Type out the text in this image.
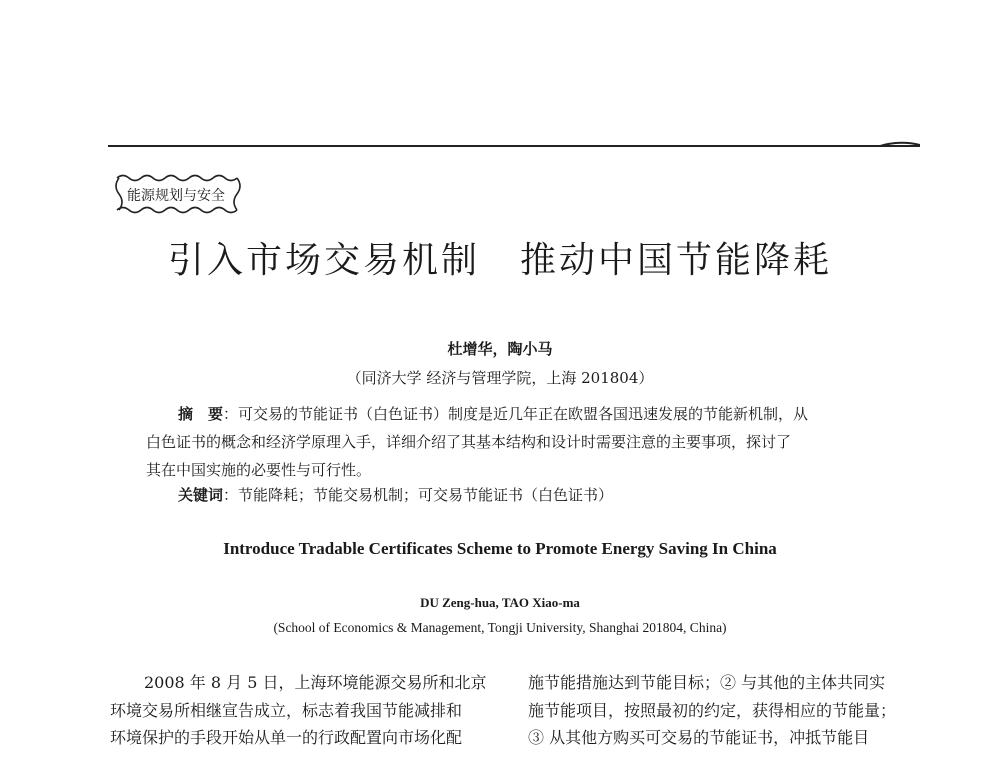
能源规划与安全
引入市场交易机制 推动中国节能降耗
杜增华，陶小马
（同济大学 经济与管理学院，上海 201804）
摘　要：可交易的节能证书（白色证书）制度是近几年正在欧盟各国迅速发展的节能新机制，从
白色证书的概念和经济学原理入手，详细介绍了其基本结构和设计时需要注意的主要事项，探讨了
其在中国实施的必要性与可行性。
关键词：节能降耗；节能交易机制；可交易节能证书（白色证书）
Introduce Tradable Certificates Scheme to Promote Energy Saving In China
DU Zeng-hua, TAO Xiao-ma
(School of Economics & Management, Tongji University, Shanghai 201804, China)
2008 年 8 月 5 日，上海环境能源交易所和北京
环境交易所相继宣告成立，标志着我国节能减排和
环境保护的手段开始从单一的行政配置向市场化配
施节能措施达到节能目标；② 与其他的主体共同实
施节能项目，按照最初的约定，获得相应的节能量；
③ 从其他方购买可交易的节能证书，冲抵节能目
